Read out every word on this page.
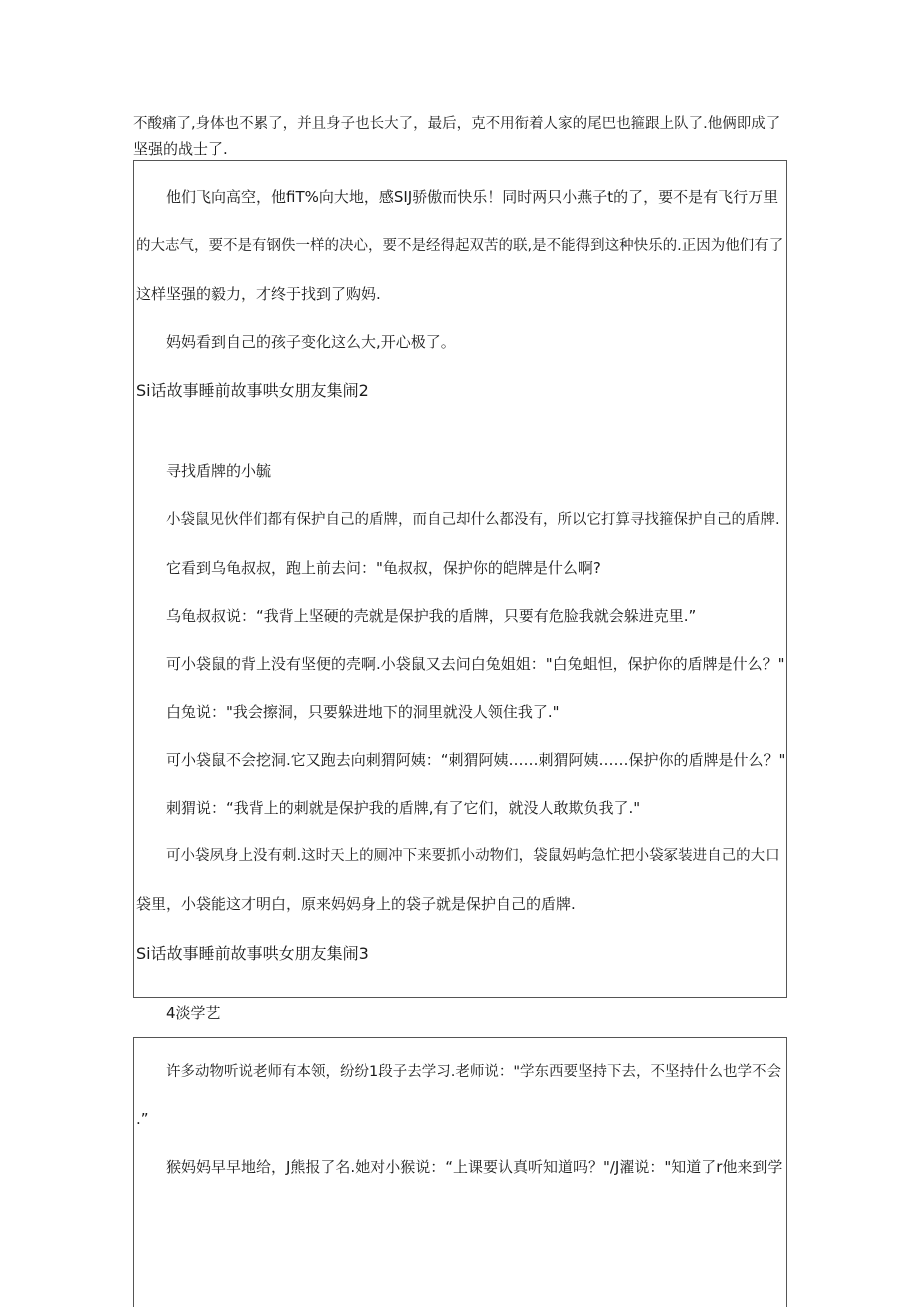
不酸痛了,身体也不累了，并且身子也长大了，最后，克不用衔着人家的尾巴也箍跟上队了.他俩即成了
坚强的战士了.
他们飞向高空，他fiT%向大地，感SIJ骄傲而快乐！同时两只小燕子t的了，要不是有飞行万里
的大志气，要不是有钢佚一样的决心，要不是经得起双苦的联,是不能得到这种快乐的.正因为他们有了
这样坚强的毅力，才终于找到了购妈.
妈妈看到自己的孩子变化这么大,开心极了。
Si话故事睡前故事哄女朋友集闹2
寻找盾牌的小毓
小袋鼠见伙伴们都有保护自己的盾牌，而自己却什么都没有，所以它打算寻找箍保护自己的盾牌.
它看到乌龟叔叔，跑上前去问："龟叔叔，保护你的皑牌是什么啊?
乌龟叔叔说：“我背上坚硬的壳就是保护我的盾牌，只要有危脸我就会躲进克里.”
可小袋鼠的背上没有坚便的壳啊.小袋鼠又去问白兔姐姐："白兔蛆怛，保护你的盾牌是什么？"
白兔说："我会擦洞，只要躲进地下的洞里就没人领住我了."
可小袋鼠不会挖洞.它又跑去向刺猬阿姨：“刺猬阿姨……刺猬阿姨……保护你的盾牌是什么？"
刺猬说：“我背上的刺就是保护我的盾牌,有了它们，就没人敢欺负我了."
可小袋夙身上没有刺.这时天上的厕冲下来要抓小动物们，袋鼠妈屿急忙把小袋冢装进自己的大口
袋里，小袋能这才明白，原来妈妈身上的袋子就是保护自己的盾牌.
Si话故事睡前故事哄女朋友集闹3
4淡学艺
许多动物听说老师有本领，纷纷1段子去学习.老师说："学东西要坚持下去，不坚持什么也学不会
.”
猴妈妈早早地给，J熊报了名.她对小猴说：“上课要认真听知道吗？"/J濯说："知道了r他来到学
